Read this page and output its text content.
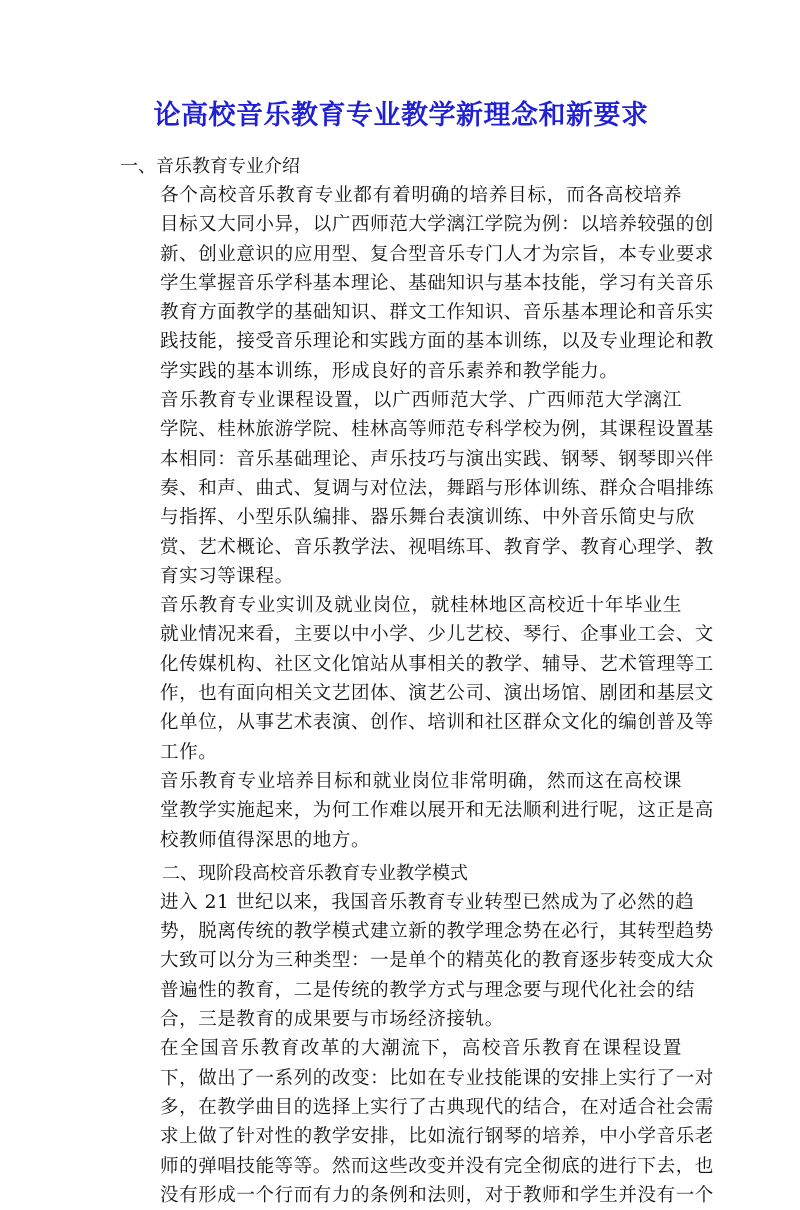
论高校音乐教育专业教学新理念和新要求
一、音乐教育专业介绍

各个高校音乐教育专业都有着明确的培养目标，而各高校培养
目标又大同小异，以广西师范大学漓江学院为例：以培养较强的创
新、创业意识的应用型、复合型音乐专门人才为宗旨，本专业要求
学生掌握音乐学科基本理论、基础知识与基本技能，学习有关音乐
教育方面教学的基础知识、群文工作知识、音乐基本理论和音乐实
践技能，接受音乐理论和实践方面的基本训练，以及专业理论和教
学实践的基本训练，形成良好的音乐素养和教学能力。

音乐教育专业课程设置，以广西师范大学、广西师范大学漓江
学院、桂林旅游学院、桂林高等师范专科学校为例，其课程设置基
本相同：音乐基础理论、声乐技巧与演出实践、钢琴、钢琴即兴伴
奏、和声、曲式、复调与对位法，舞蹈与形体训练、群众合唱排练
与指挥、小型乐队编排、器乐舞台表演训练、中外音乐简史与欣
赏、艺术概论、音乐教学法、视唱练耳、教育学、教育心理学、教
育实习等课程。

音乐教育专业实训及就业岗位，就桂林地区高校近十年毕业生
就业情况来看，主要以中小学、少儿艺校、琴行、企事业工会、文
化传媒机构、社区文化馆站从事相关的教学、辅导、艺术管理等工
作，也有面向相关文艺团体、演艺公司、演出场馆、剧团和基层文
化单位，从事艺术表演、创作、培训和社区群众文化的编创普及等
工作。

音乐教育专业培养目标和就业岗位非常明确，然而这在高校课
堂教学实施起来，为何工作难以展开和无法顺利进行呢，这正是高
校教师值得深思的地方。

二、现阶段高校音乐教育专业教学模式

进入 21 世纪以来，我国音乐教育专业转型已然成为了必然的趋
势，脱离传统的教学模式建立新的教学理念势在必行，其转型趋势
大致可以分为三种类型：一是单个的精英化的教育逐步转变成大众
普遍性的教育，二是传统的教学方式与理念要与现代化社会的结
合，三是教育的成果要与市场经济接轨。

在全国音乐教育改革的大潮流下，高校音乐教育在课程设置
下，做出了一系列的改变：比如在专业技能课的安排上实行了一对
多，在教学曲目的选择上实行了古典现代的结合，在对适合社会需
求上做了针对性的教学安排，比如流行钢琴的培养，中小学音乐老
师的弹唱技能等等。然而这些改变并没有完全彻底的进行下去，也
没有形成一个行而有力的条例和法则，对于教师和学生并没有一个
